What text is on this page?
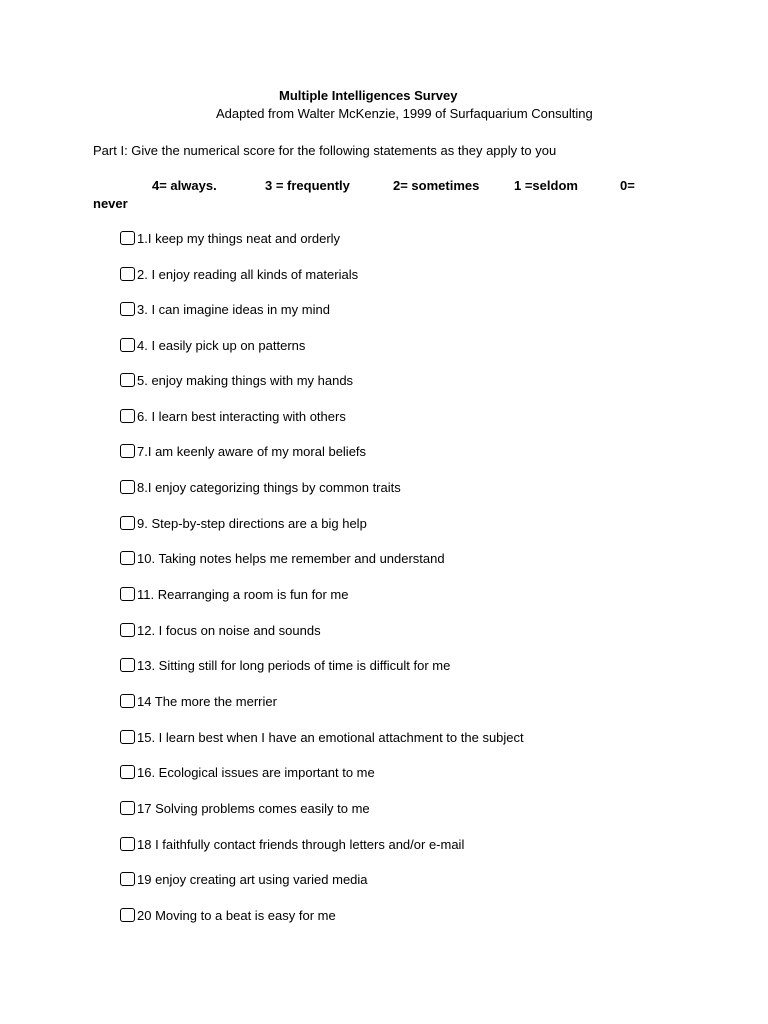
Multiple Intelligences Survey
Adapted from Walter McKenzie, 1999 of Surfaquarium Consulting
Part I: Give the numerical score for the following statements as they apply to you
4= always.	3 = frequently	2= sometimes	1 =seldom	0=
never
1.I keep my things neat and orderly
2. I enjoy reading all kinds of materials
3. I can imagine ideas in my mind
4. I easily pick up on patterns
5. enjoy making things with my hands
6. I learn best interacting with others
7.I am keenly aware of my moral beliefs
8.I enjoy categorizing things by common traits
9. Step-by-step directions are a big help
10. Taking notes helps me remember and understand
11. Rearranging a room is fun for me
12. I focus on noise and sounds
13. Sitting still for long periods of time is difficult for me
14 The more the merrier
15. I learn best when I have an emotional attachment to the subject
16. Ecological issues are important to me
17 Solving problems comes easily to me
18 I faithfully contact friends through letters and/or e-mail
19 enjoy creating art using varied media
20 Moving to a beat is easy for me
